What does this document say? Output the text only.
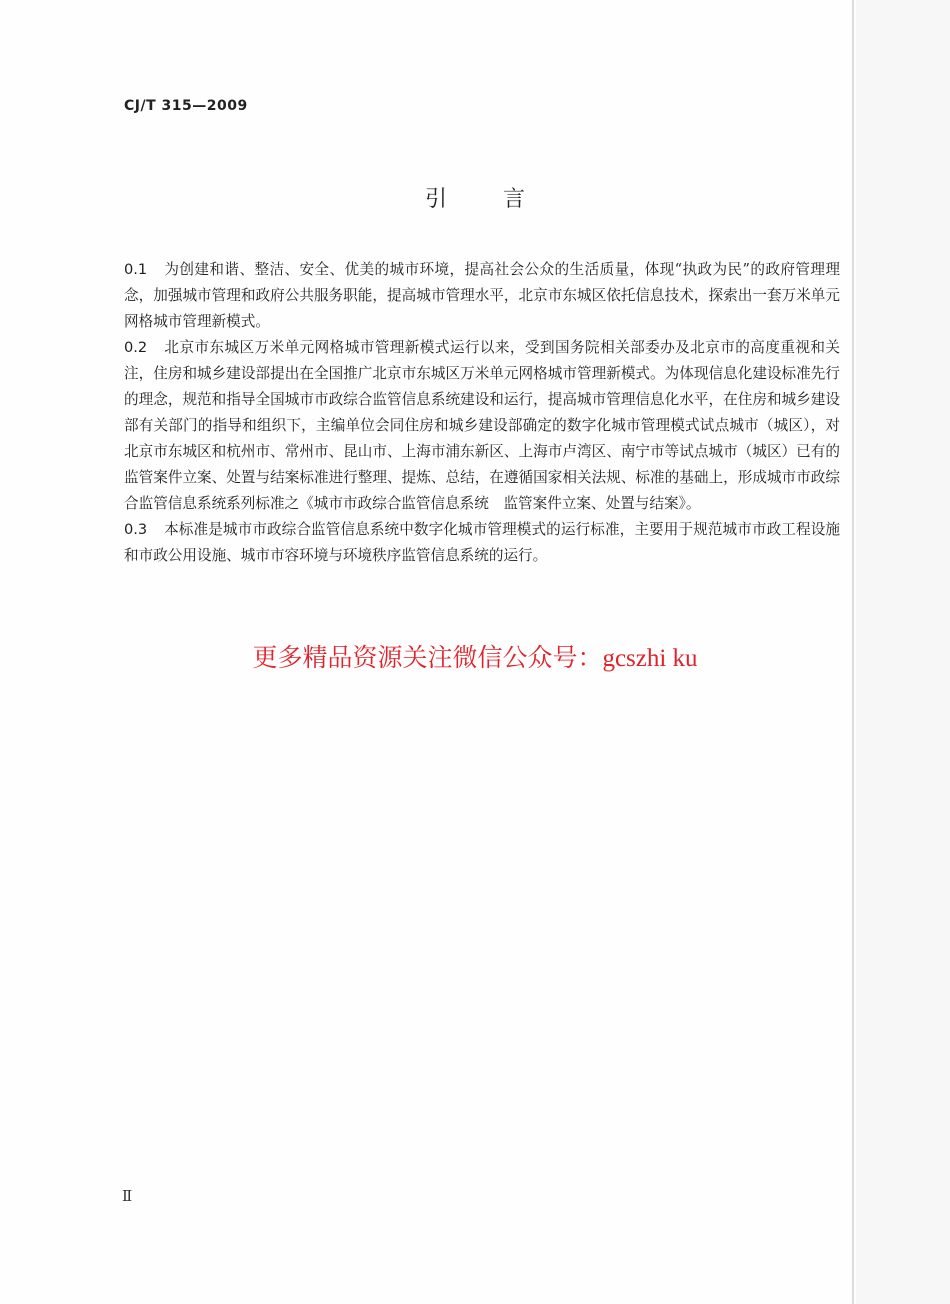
CJ/T 315—2009
引言

0.1 为创建和谐、整洁、安全、优美的城市环境，提高社会公众的生活质量，体现“执政为民”的政府管理理念，加强城市管理和政府公共服务职能，提高城市管理水平，北京市东城区依托信息技术，探索出一套万米单元网格城市管理新模式。

0.2 北京市东城区万米单元网格城市管理新模式运行以来，受到国务院相关部委办及北京市的高度重视和关注，住房和城乡建设部提出在全国推广北京市东城区万米单元网格城市管理新模式。为体现信息化建设标准先行的理念，规范和指导全国城市市政综合监管信息系统建设和运行，提高城市管理信息化水平，在住房和城乡建设部有关部门的指导和组织下，主编单位会同住房和城乡建设部确定的数字化城市管理模式试点城市（城区），对北京市东城区和杭州市、常州市、昆山市、上海市浦东新区、上海市卢湾区、南宁市等试点城市（城区）已有的监管案件立案、处置与结案标准进行整理、提炼、总结，在遵循国家相关法规、标准的基础上，形成城市市政综合监管信息系统系列标准之《城市市政综合监管信息系统　监管案件立案、处置与结案》。

0.3 本标准是城市市政综合监管信息系统中数字化城市管理模式的运行标准，主要用于规范城市市政工程设施和市政公用设施、城市市容环境与环境秩序监管信息系统的运行。

更多精品资源关注微信公众号：gcszhi ku
Ⅱ
